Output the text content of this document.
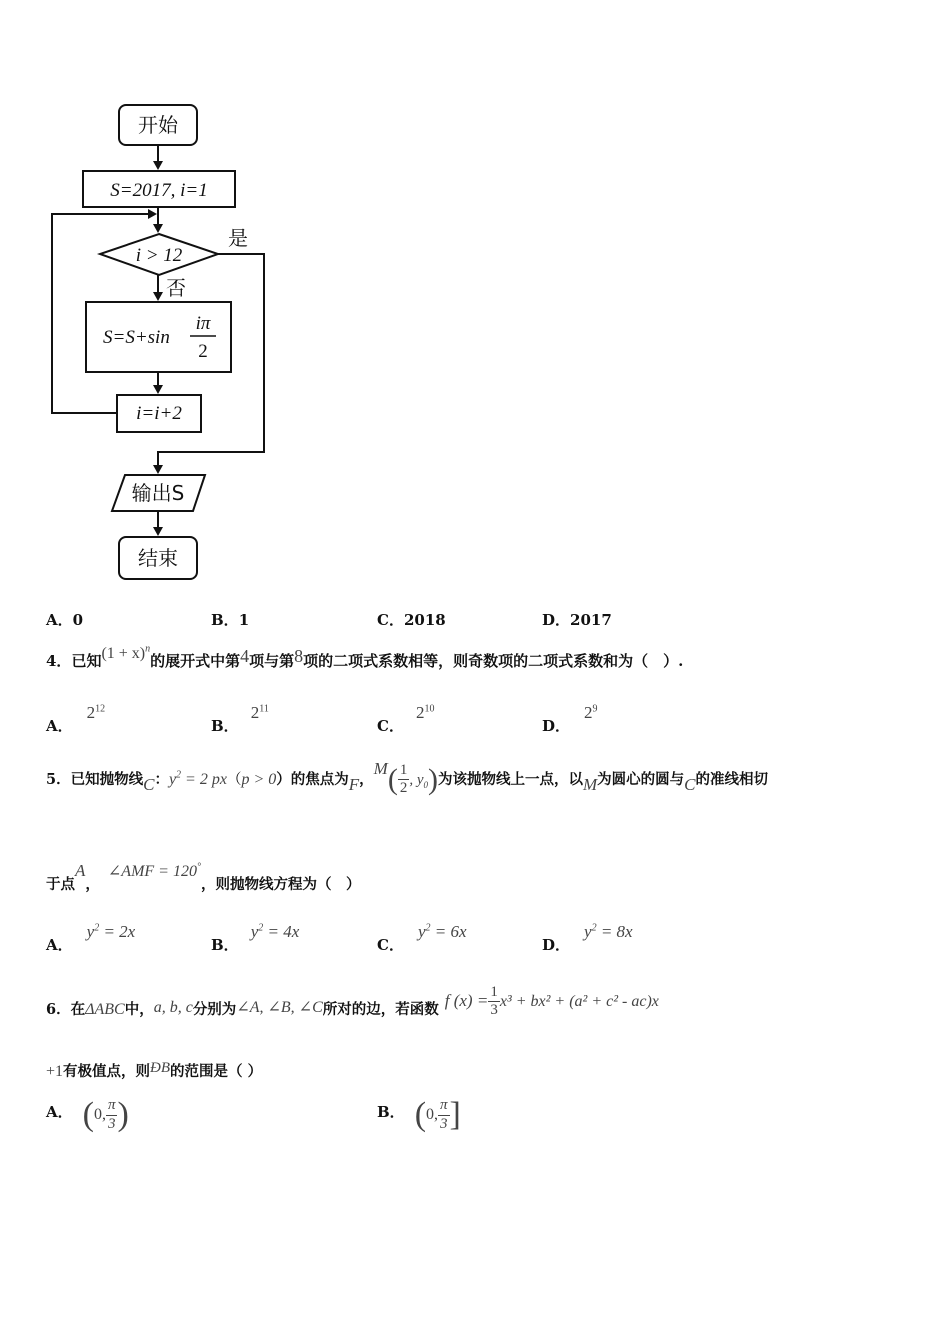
开始
S=2017, i=1
i > 12
是
否
S=S+sin
iπ
2
i=i+2
输出S
结束
A．0	B．1	C．2018	D．2017
4．已知$(1 + x)^n$的展开式中第4项与第8项的二项式系数相等，则奇数项的二项式系数和为（　）.
A．$2^{12}$
B．$2^{11}$
C．$2^{10}$
D．$2^9$
5．已知抛物线C：$y^2 = 2$ px（p > 0）的焦点为F，$M( \frac{1}{2}$ , $y_0$)为该抛物线上一点，以M为圆心的圆与C的准线相切
于点A，∠AMF = 120°，则抛物线方程为（　）
A．$y^2 = 2x$
B．$y^2 = 4x$
C．$y^2 = 6x$
D．$y^2 = 8x$
6．在ΔABC中，a, b, c分别为∠A, ∠B, ∠C所对的边，若函数 f $(x) = \frac{1}{3} x^3 + bx^2 + (a^2 + c^2 - ac)x$
+1有极值点，则ÐB的范围是（ ）
A． (0, $\frac{\pi}{3}$ )	B． (0, $\frac{\pi}{3}$ ]
